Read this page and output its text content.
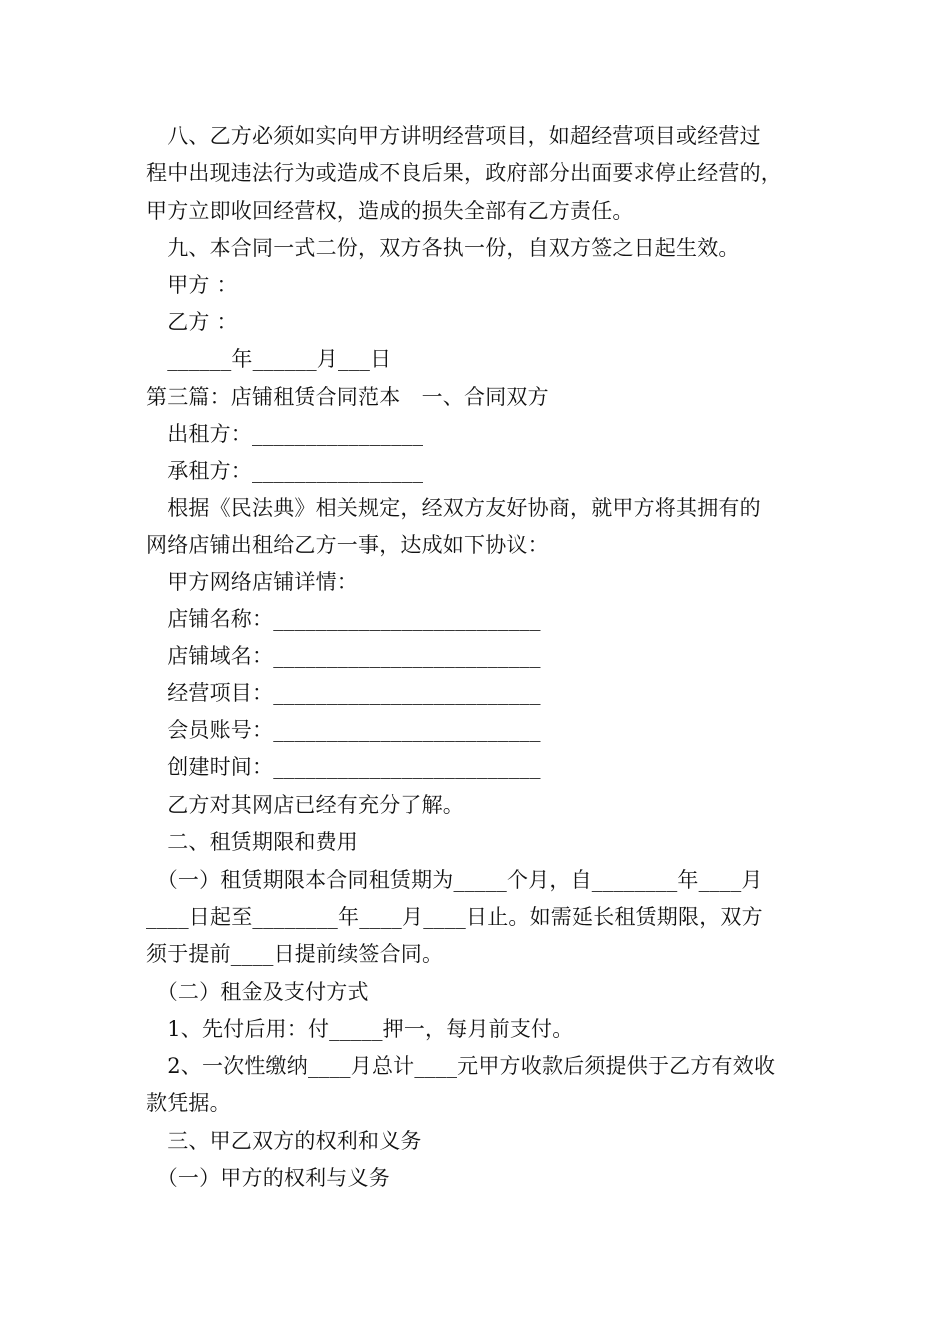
　八、乙方必须如实向甲方讲明经营项目，如超经营项目或经营过
程中出现违法行为或造成不良后果，政府部分出面要求停止经营的，
甲方立即收回经营权，造成的损失全部有乙方责任。
　九、本合同一式二份，双方各执一份，自双方签之日起生效。
　甲方 ：
　乙方 ：
　______年______月___日
第三篇：店铺租赁合同范本　一、合同双方
　出租方：________________
　承租方：________________
　根据《民法典》相关规定，经双方友好协商，就甲方将其拥有的
网络店铺出租给乙方一事，达成如下协议：
　甲方网络店铺详情：
　店铺名称：_________________________
　店铺域名：_________________________
　经营项目：_________________________
　会员账号：_________________________
　创建时间：_________________________
　乙方对其网店已经有充分了解。
　二、租赁期限和费用
　（一）租赁期限本合同租赁期为_____个月，自________年____月
____日起至________年____月____日止。如需延长租赁期限，双方
须于提前____日提前续签合同。
　（二）租金及支付方式
　1、先付后用：付_____押一，每月前支付。
　2、一次性缴纳____月总计____元甲方收款后须提供于乙方有效收
款凭据。
　三、甲乙双方的权利和义务
　（一）甲方的权利与义务
